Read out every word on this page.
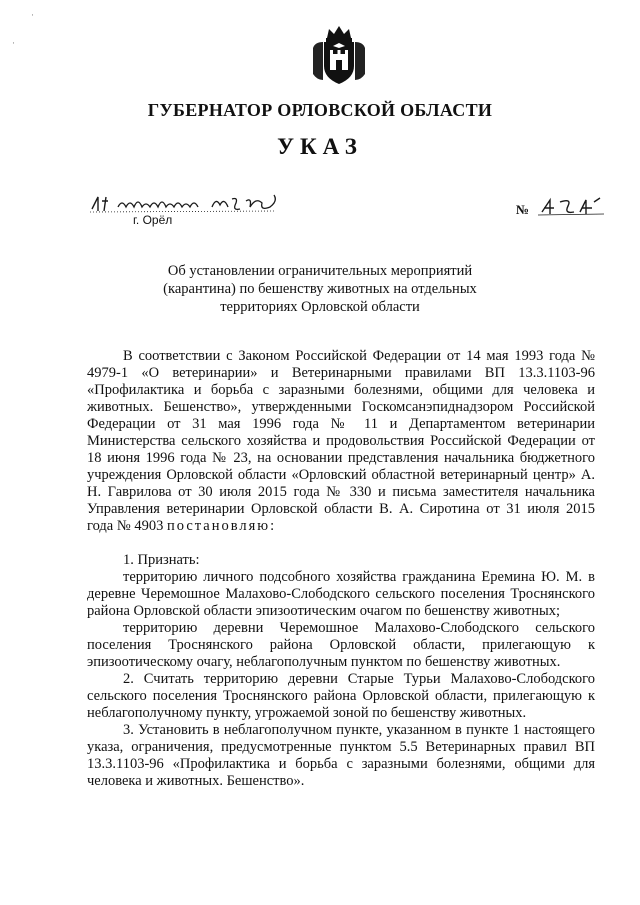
·
·
ГУБЕРНАТОР ОРЛОВСКОЙ ОБЛАСТИ
УКАЗ
г. Орёл
№
Об установлении ограничительных мероприятий
(карантина) по бешенству животных на отдельных
территориях Орловской области

В соответствии с Законом Российской Федерации от 14 мая 1993 года № 4979-1 «О ветеринарии» и Ветеринарными правилами ВП 13.3.1103-96 «Профилактика и борьба с заразными болезнями, общими для человека и животных. Бешенство», утвержденными Госкомсанэпиднадзором Российской Федерации от 31 мая 1996 года № 11 и Департаментом ветеринарии Министерства сельского хозяйства и продовольствия Российской Федерации от 18 июня 1996 года № 23, на основании представления начальника бюджетного учреждения Орловской области «Орловский областной ветеринарный центр» А. Н. Гаврилова от 30 июля 2015 года № 330 и письма заместителя начальника Управления ветеринарии Орловской области В. А. Сиротина от 31 июля 2015 года № 4903 постановляю:

1. Признать:

территорию личного подсобного хозяйства гражданина Еремина Ю. М. в деревне Черемошное Малахово-Слободского сельского поселения Троснянского района Орловской области эпизоотическим очагом по бешенству животных;

территорию деревни Черемошное Малахово-Слободского сельского поселения Троснянского района Орловской области, прилегающую к эпизоотическому очагу, неблагополучным пунктом по бешенству животных.

2. Считать территорию деревни Старые Турьи Малахово-Слободского сельского поселения Троснянского района Орловской области, прилегающую к неблагополучному пункту, угрожаемой зоной по бешенству животных.

3. Установить в неблагополучном пункте, указанном в пункте 1 настоящего указа, ограничения, предусмотренные пунктом 5.5 Ветеринарных правил ВП 13.3.1103-96 «Профилактика и борьба с заразными болезнями, общими для человека и животных. Бешенство».
